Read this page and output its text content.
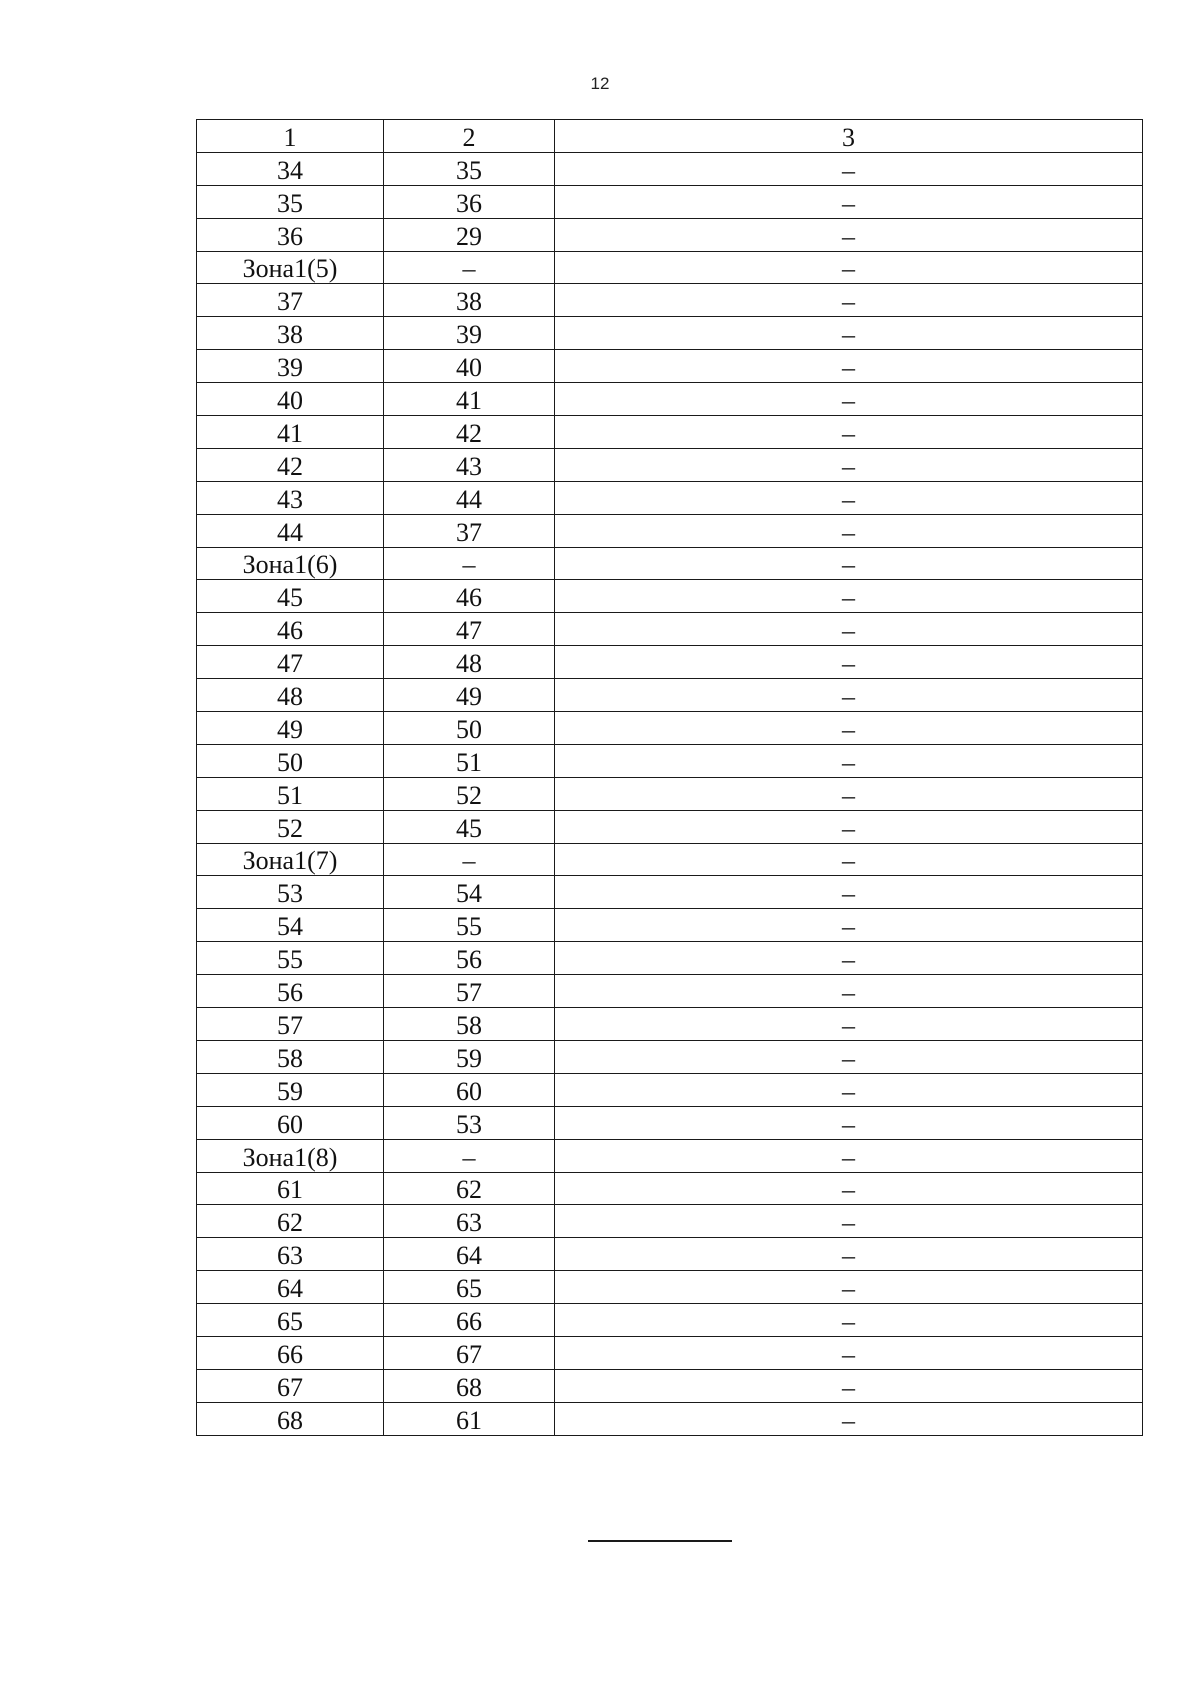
12
1	2	3
34	35	–
35	36	–
36	29	–
Зона1(5)	–	–
37	38	–
38	39	–
39	40	–
40	41	–
41	42	–
42	43	–
43	44	–
44	37	–
Зона1(6)	–	–
45	46	–
46	47	–
47	48	–
48	49	–
49	50	–
50	51	–
51	52	–
52	45	–
Зона1(7)	–	–
53	54	–
54	55	–
55	56	–
56	57	–
57	58	–
58	59	–
59	60	–
60	53	–
Зона1(8)	–	–
61	62	–
62	63	–
63	64	–
64	65	–
65	66	–
66	67	–
67	68	–
68	61	–
